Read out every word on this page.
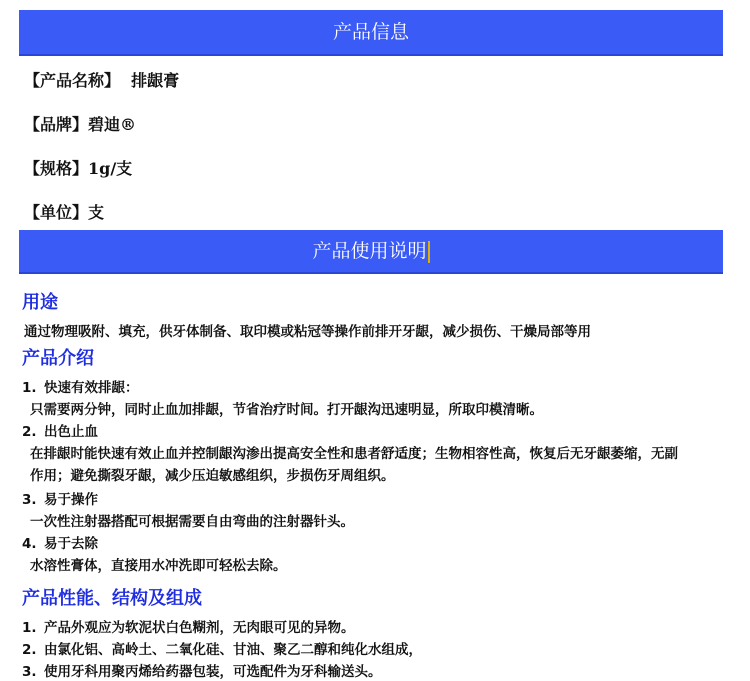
产品信息
【产品名称】  排龈膏
【品牌】碧迪®
【规格】1g/支
【单位】支
产品使用说明
用途
通过物理吸附、填充，供牙体制备、取印模或粘冠等操作前排开牙龈，减少损伤、干燥局部等用
产品介绍
1. 快速有效排龈：
只需要两分钟，同时止血加排龈，节省治疗时间。打开龈沟迅速明显，所取印模清晰。
2. 出色止血
在排龈时能快速有效止血并控制龈沟渗出提高安全性和患者舒适度；生物相容性高，恢复后无牙龈萎缩，无副
作用；避免撕裂牙龈，减少压迫敏感组织，步损伤牙周组织。
3. 易于操作
一次性注射器搭配可根据需要自由弯曲的注射器针头。
4. 易于去除
水溶性膏体，直接用水冲洗即可轻松去除。
产品性能、结构及组成
1. 产品外观应为软泥状白色糊剂，无肉眼可见的异物。
2. 由氯化铝、高岭土、二氧化硅、甘油、聚乙二醇和纯化水组成，
3. 使用牙科用聚丙烯给药器包装，可选配件为牙科输送头。
